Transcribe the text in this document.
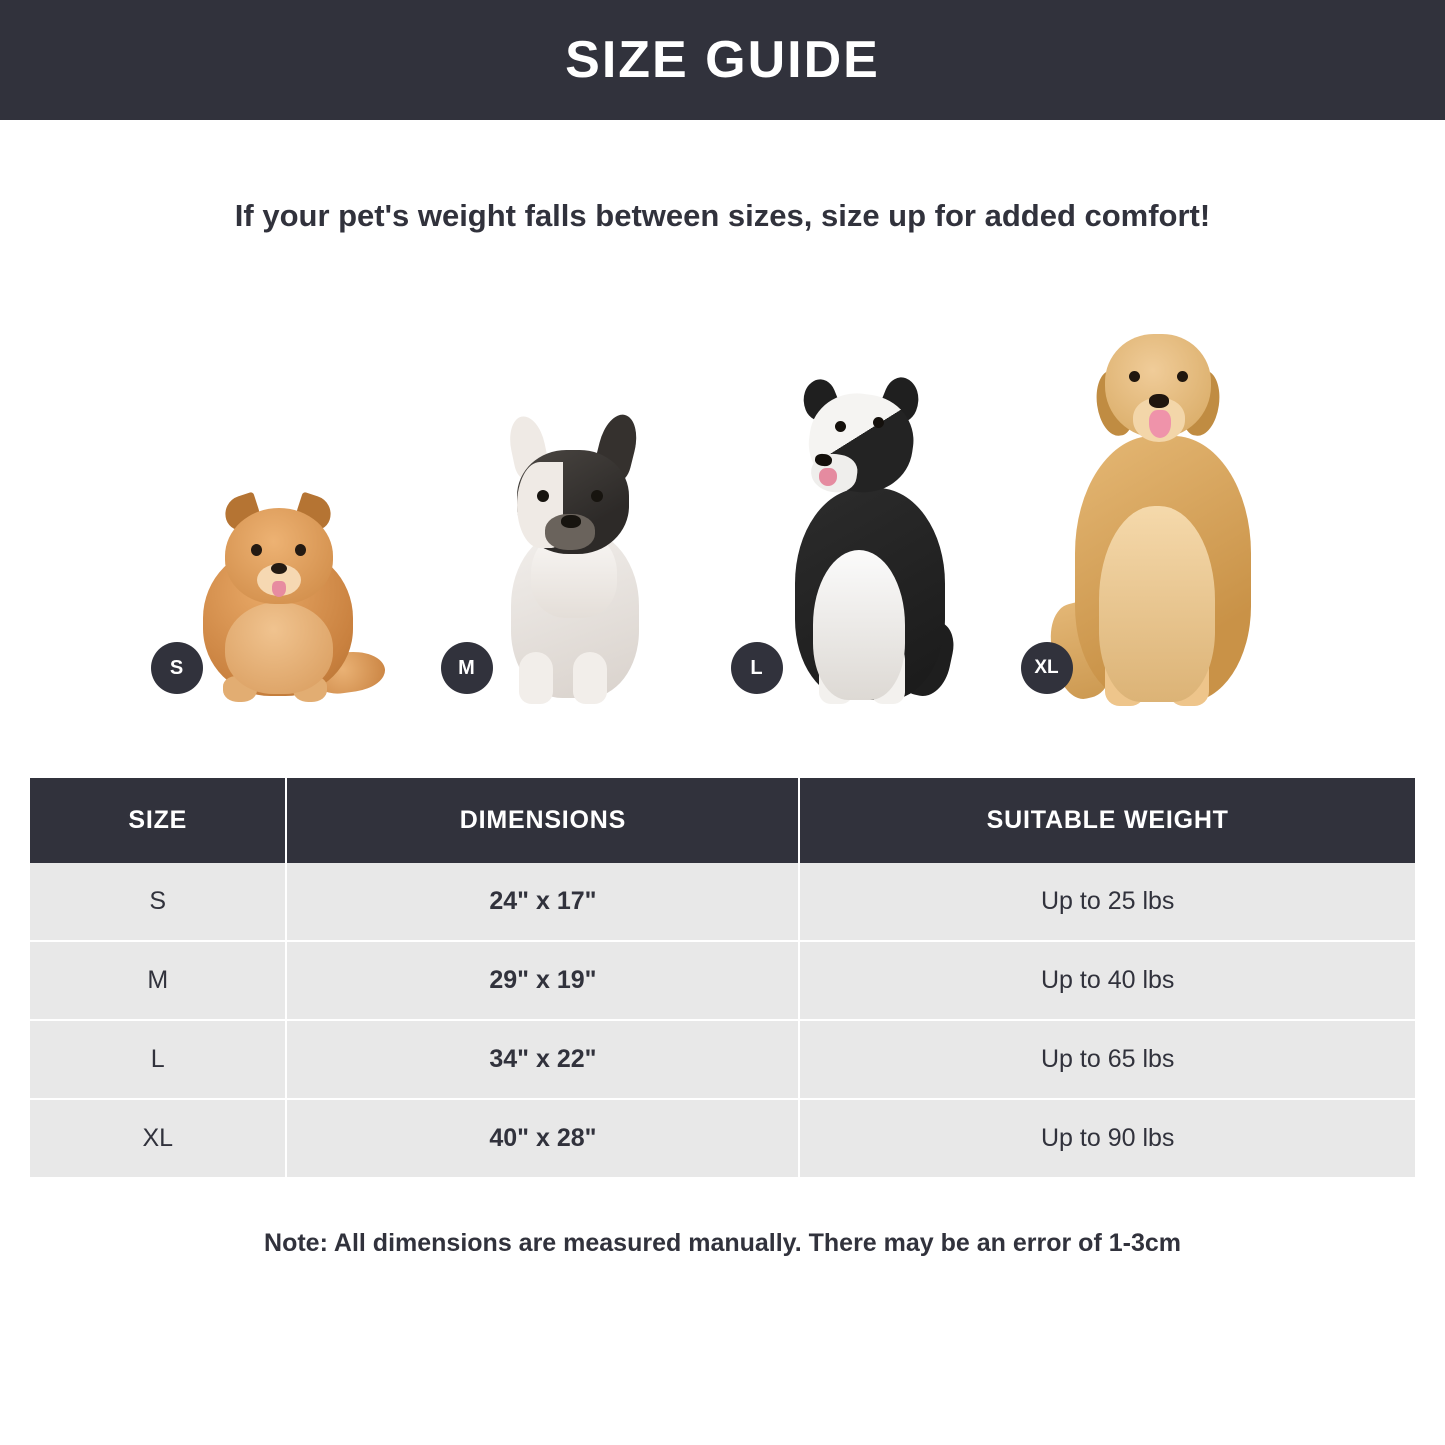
SIZE GUIDE
If your pet's weight falls between sizes, size up for added comfort!
S	M	L	XL
SIZE	DIMENSIONS	SUITABLE WEIGHT
S	24" x 17"	Up to 25 lbs
M	29" x 19"	Up to 40 lbs
L	34" x 22"	Up to 65 lbs
XL	40" x 28"	Up to 90 lbs
Note: All dimensions are measured manually. There may be an error of 1-3cm
